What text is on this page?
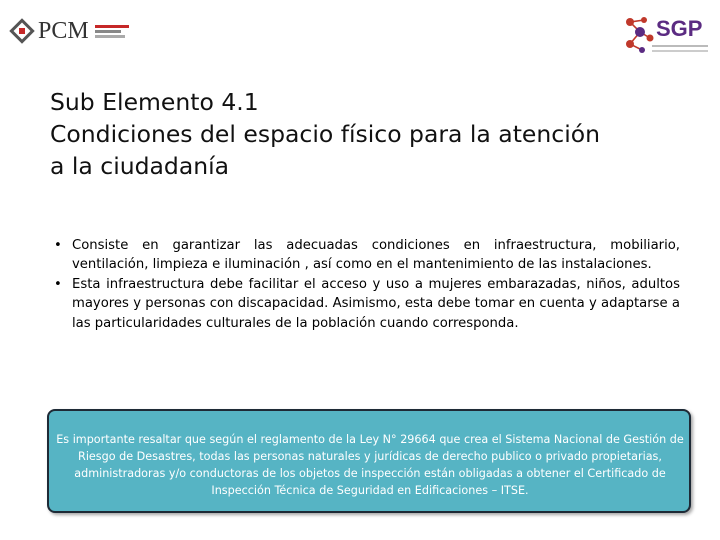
PCM	SGP
Sub Elemento 4.1
Condiciones del espacio físico para la atención
a la ciudadanía
• Consiste en garantizar las adecuadas condiciones en infraestructura, mobiliario, ventilación, limpieza e iluminación , así como en el mantenimiento de las instalaciones.
• Esta infraestructura debe facilitar el acceso y uso a mujeres embarazadas, niños, adultos mayores y personas con discapacidad. Asimismo, esta debe tomar en cuenta y adaptarse a las particularidades culturales de la población cuando corresponda.

Es importante resaltar que según el reglamento de la Ley N° 29664 que crea el Sistema Nacional de Gestión de Riesgo de Desastres, todas las personas naturales y jurídicas de derecho publico o privado propietarias, administradoras y/o conductoras de los objetos de inspección están obligadas a obtener el Certificado de Inspección Técnica de Seguridad en Edificaciones – ITSE.
